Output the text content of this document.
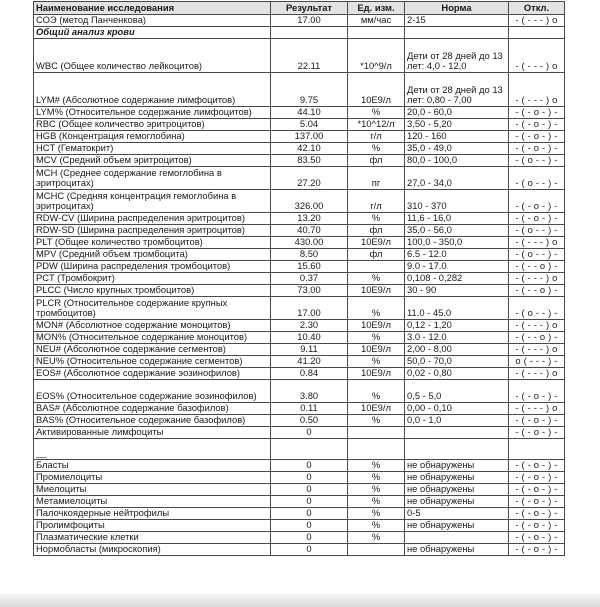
Наименование исследования	Результат	Ед. изм.	Норма	Откл.
СОЭ (метод Панченкова)	17.00	мм/час	2-15	- ( - - - ) о
Общий анализ крови				
WBC (Общее количество лейкоцитов)	22.11	*10^9/л	Дети от 28 дней до 13 лет: 4,0 - 12,0	- ( - - - ) о
LYM# (Абсолютное содержание лимфоцитов)	9.75	10E9/л	Дети от 28 дней до 13 лет: 0,80 - 7,00	- ( - - - ) о
LYM% (Относительное содержание лимфоцитов)	44.10	%	20,0 - 60,0	- ( - о - ) -
RBC (Общее количество эритроцитов)	5.04	*10^12/л	3,50 - 5,20	- ( - о - ) -
HGB (Концентрация гемоглобина)	137.00	г/л	120 - 160	- ( - о - ) -
HCT (Гематокрит)	42.10	%	35,0 - 49,0	- ( - о - ) -
MCV (Средний объем эритроцитов)	83.50	фл	80,0 - 100,0	- ( о - - ) -
MCH (Среднее содержание гемоглобина в эритроцитах)	27.20	пг	27,0 - 34,0	- ( о - - ) -
MCHC (Средняя концентрация гемоглобина в эритроцитах)	326.00	г/л	310 - 370	- ( - о - ) -
RDW-CV (Ширина распределения эритроцитов)	13.20	%	11,6 - 16,0	- ( - о - ) -
RDW-SD (Ширина распределения эритроцитов)	40.70	фл	35,0 - 56,0	- ( о - - ) -
PLT (Общее количество тромбоцитов)	430.00	10E9/л	100,0 - 350,0	- ( - - - ) о
MPV (Средний объем тромбоцита)	8.50	фл	6.5 - 12.0	- ( о - - ) -
PDW (Ширина распределения тромбоцитов)	15.60		9.0 - 17.0	- ( - - о ) -
PCT (Тромбокрит)	0.37	%	0,108 - 0,282	- ( - - - ) о
PLCC (Число крупных тромбоцитов)	73.00	10E9/л	30 - 90	- ( - - о ) -
PLCR (Относительное содержание крупных тромбоцитов)	17.00	%	11.0 - 45.0	- ( о - - ) -
MON# (Абсолютное содержание моноцитов)	2.30	10E9/л	0,12 - 1,20	- ( - - - ) о
MON% (Относительное содержание моноцитов)	10.40	%	3.0 - 12.0	- ( - - о ) -
NEU# (Абсолютное содержание сегментов)	9.11	10E9/л	2,00 - 8,00	- ( - - - ) о
NEU% (Относительное содержание сегментов)	41.20	%	50,0 - 70,0	о ( - - - ) -
EOS# (Абсолютное содержание эозинофилов)	0.84	10E9/л	0,02 - 0,80	- ( - - - ) о
EOS% (Относительное содержание эозинофилов)	3.80	%	0,5 - 5,0	- ( - о - ) -
BAS# (Абсолютное содержание базофилов)	0.11	10E9/л	0,00 - 0,10	- ( - - - ) о
BAS% (Относительное содержание базофилов)	0.50	%	0,0 - 1,0	- ( - о - ) -
Активированные лимфоциты	0			- ( - о - ) -
__				
Бласты	0	%	не обнаружены	- ( - о - ) -
Промиелоциты	0	%	не обнаружены	- ( - о - ) -
Миелоциты	0	%	не обнаружены	- ( - о - ) -
Метамиелоциты	0	%	не обнаружены	- ( - о - ) -
Палочкоядерные нейтрофилы	0	%	0-5	- ( - о - ) -
Пролимфоциты	0	%	не обнаружены	- ( - о - ) -
Плазматические клетки	0	%		- ( - о - ) -
Нормобласты (микроскопия)	0		не обнаружены	- ( - о - ) -
